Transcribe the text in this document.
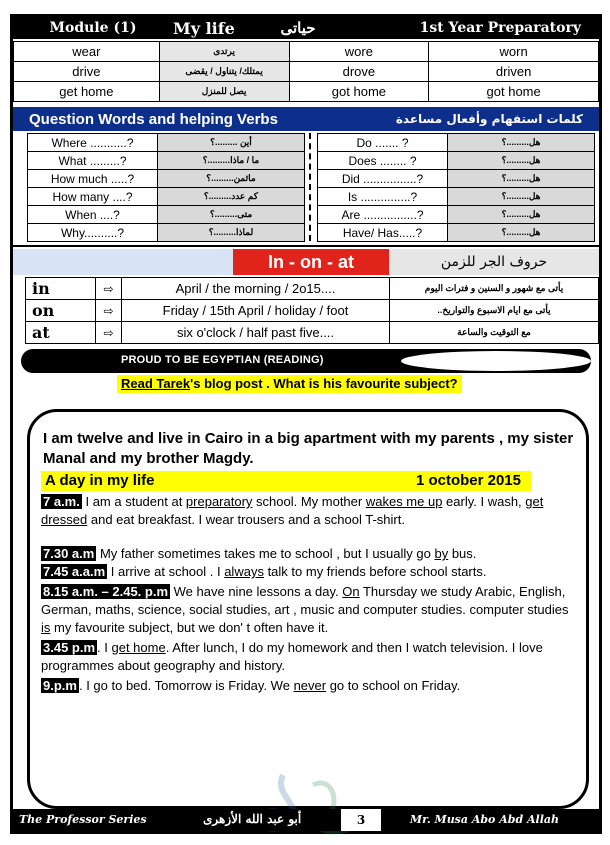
Module (1)	My life	حياتى	1st Year Preparatory
wear	يرتدى	wore	worn
drive	يمتلك/ يتناول / يقضى	drove	driven
get home	يصل للمنزل	got home	got home
Question Words and helping Verbs	كلمات استفهام وأفعال مساعدة
Where ...........?	أين .........؟
What .........?	ما / ماذا.........؟
How much .....?	ماثمن.........؟
How many ....?	كم عدد.........؟
When ....?	متى.........؟
Why..........?	لماذا.........؟
Do ....... ?	هل.........؟
Does ........ ?	هل.........؟
Did ................?	هل.........؟
Is ...............?	هل.........؟
Are ................?	هل.........؟
Have/ Has.....?	هل.........؟
In - on - at	حروف الجر للزمن
in	⇨	April / the morning / 2o15....	يأتى مع شهور و السنين و فترات اليوم
on	⇨	Friday / 15th April / holiday / foot	يأتى مع ايام الاسبوع والتواريخ..
at	⇨	six o'clock / half past five....	مع التوقيت والساعة
PROUD TO BE EGYPTIAN (READING)
Read Tarek's blog post . What is his favourite subject?
I am twelve and live in Cairo in a big apartment with my parents , my sister Manal and my brother Magdy.
A day in my life	1 october 2015

7 a.m. I am a student at preparatory school. My mother wakes me up early. I wash, get dressed and eat breakfast. I wear trousers and a school T-shirt.

7.30 a.m My father sometimes takes me to school , but I usually go by bus.

7.45 a.a.m I arrive at school . I always talk to my friends before school starts.

8.15 a.m. – 2.45. p.m We have nine lessons a day. On Thursday we study Arabic, English, German, maths, science, social studies, art , music and computer studies. computer studies is my favourite subject, but we don' t often have it.

3.45 p.m . I get home. After lunch, I do my homework and then I watch television. I love programmes about geography and history.

9.p.m . I go to bed. Tomorrow is Friday. We never go to school on Friday.

The Professor Series	أبو عبد الله الأزهرى	3	Mr. Musa Abo Abd Allah
